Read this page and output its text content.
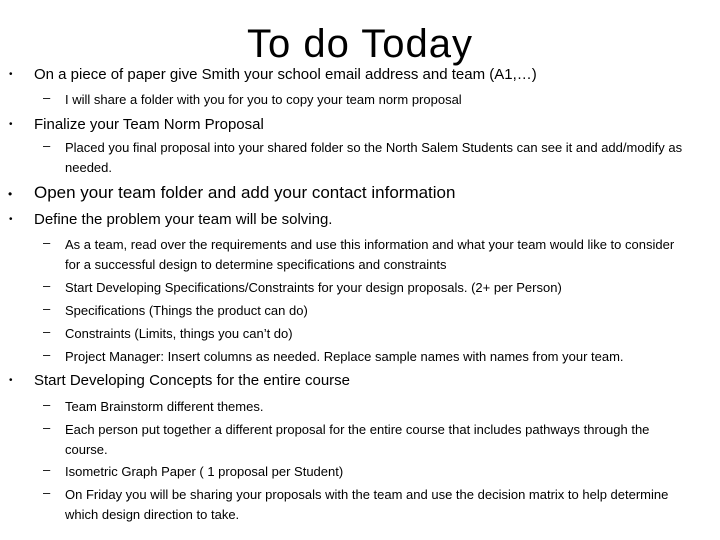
To do Today
• On a piece of paper give Smith your school email address and team (A1,…)
– I will share a folder with you for you to copy your team norm proposal
• Finalize your Team Norm Proposal
– Placed you final proposal into your shared folder so the North Salem Students can see it and add/modify as needed.
• Open your team folder and add your contact information
• Define the problem your team will be solving.
– As a team, read over the requirements and use this information and what your team would like to consider for a successful design to determine specifications and constraints
– Start Developing Specifications/Constraints for your design proposals. (2+ per Person)
– Specifications (Things the product can do)
– Constraints (Limits, things you can’t do)
– Project Manager: Insert columns as needed. Replace sample names with names from your team.
• Start Developing Concepts for the entire course
– Team Brainstorm different themes.
– Each person put together a different proposal for the entire course that includes pathways through the course.
– Isometric Graph Paper ( 1 proposal per Student)
– On Friday you will be sharing your proposals with the team and use the decision matrix to help determine which design direction to take.
